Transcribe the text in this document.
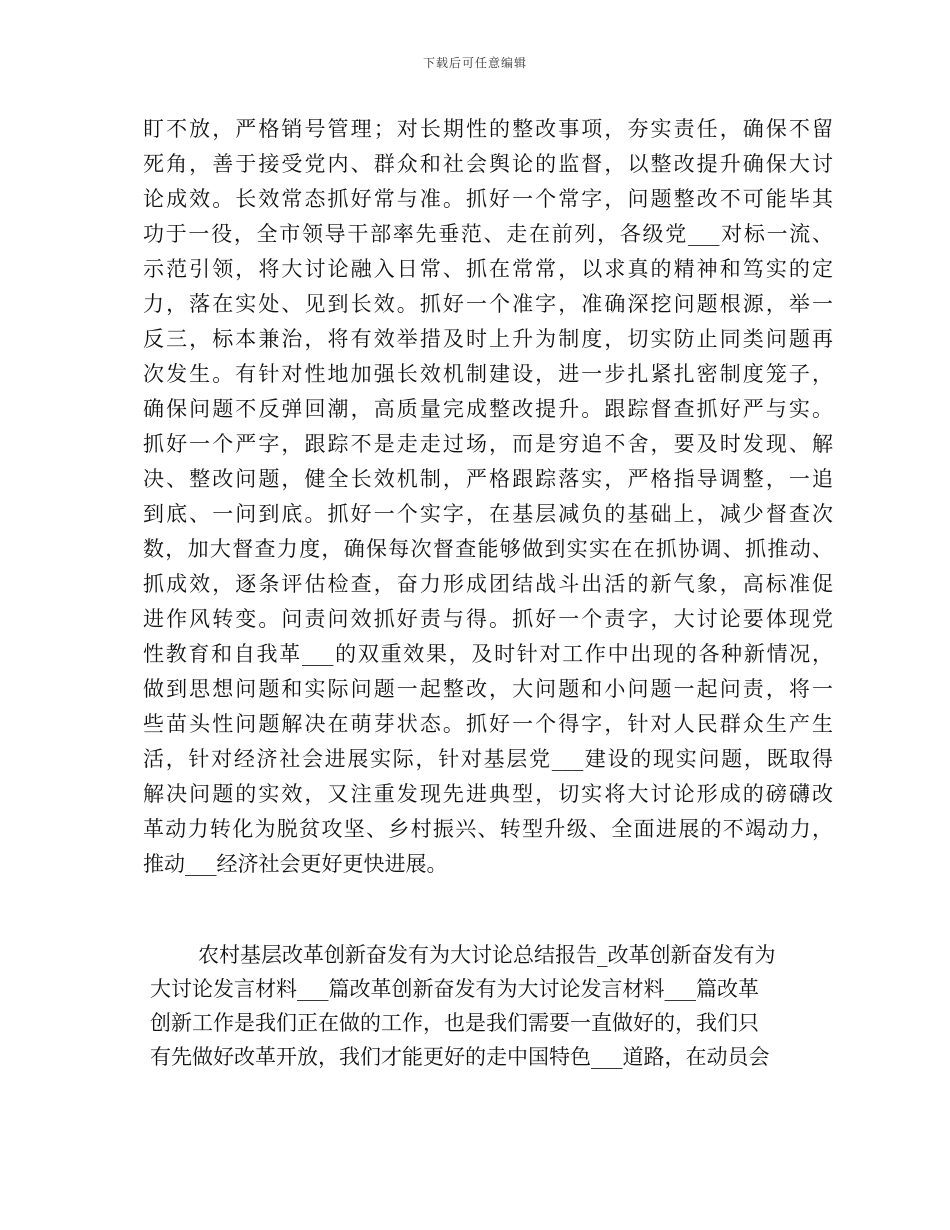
下载后可任意编辑
盯不放，严格销号管理；对长期性的整改事项，夯实责任，确保不留
死角，善于接受党内、群众和社会舆论的监督，以整改提升确保大讨
论成效。长效常态抓好常与准。抓好一个常字，问题整改不可能毕其
功于一役，全市领导干部率先垂范、走在前列，各级党___对标一流、
示范引领，将大讨论融入日常、抓在常常，以求真的精神和笃实的定
力，落在实处、见到长效。抓好一个准字，准确深挖问题根源，举一
反三，标本兼治，将有效举措及时上升为制度，切实防止同类问题再
次发生。有针对性地加强长效机制建设，进一步扎紧扎密制度笼子，
确保问题不反弹回潮，高质量完成整改提升。跟踪督查抓好严与实。
抓好一个严字，跟踪不是走走过场，而是穷追不舍，要及时发现、解
决、整改问题，健全长效机制，严格跟踪落实，严格指导调整，一追
到底、一问到底。抓好一个实字，在基层减负的基础上，减少督查次
数，加大督查力度，确保每次督查能够做到实实在在抓协调、抓推动、
抓成效，逐条评估检查，奋力形成团结战斗出活的新气象，高标准促
进作风转变。问责问效抓好责与得。抓好一个责字，大讨论要体现党
性教育和自我革___的双重效果，及时针对工作中出现的各种新情况，
做到思想问题和实际问题一起整改，大问题和小问题一起问责，将一
些苗头性问题解决在萌芽状态。抓好一个得字，针对人民群众生产生
活，针对经济社会进展实际，针对基层党___建设的现实问题，既取得
解决问题的实效，又注重发现先进典型，切实将大讨论形成的磅礴改
革动力转化为脱贫攻坚、乡村振兴、转型升级、全面进展的不竭动力，
推动___经济社会更好更快进展。
农村基层改革创新奋发有为大讨论总结报告_改革创新奋发有为
大讨论发言材料___篇改革创新奋发有为大讨论发言材料___篇改革
创新工作是我们正在做的工作，也是我们需要一直做好的，我们只
有先做好改革开放，我们才能更好的走中国特色___道路，在动员会
